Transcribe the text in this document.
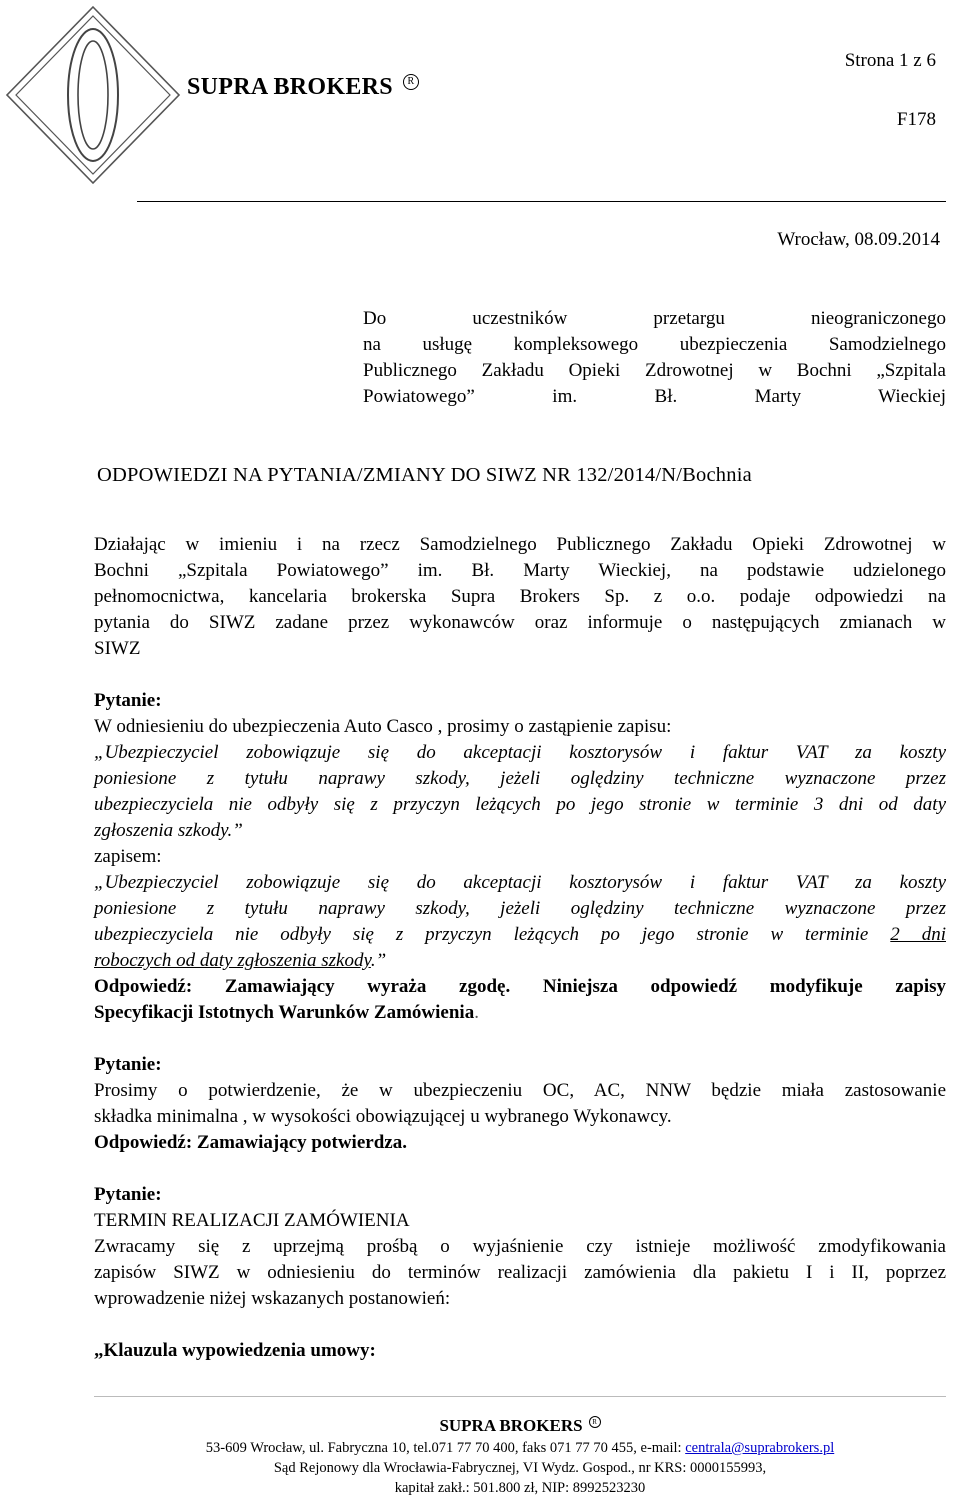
SUPRA BROKERS R
Strona 1 z 6
F178
Wrocław, 08.09.2014
Do uczestników przetargu nieograniczonego
na usługę kompleksowego ubezpieczenia Samodzielnego
Publicznego Zakładu Opieki Zdrowotnej w Bochni „Szpitala
Powiatowego” im. Bł. Marty Wieckiej
ODPOWIEDZI NA PYTANIA/ZMIANY DO SIWZ NR 132/2014/N/Bochnia
Działając w imieniu i na rzecz Samodzielnego Publicznego Zakładu Opieki Zdrowotnej w
Bochni „Szpitala Powiatowego” im. Bł. Marty Wieckiej, na podstawie udzielonego
pełnomocnictwa, kancelaria brokerska Supra Brokers Sp. z o.o. podaje odpowiedzi na
pytania do SIWZ zadane przez wykonawców oraz informuje o następujących zmianach w
SIWZ
Pytanie:
W odniesieniu do ubezpieczenia Auto Casco , prosimy o zastąpienie zapisu:
„Ubezpieczyciel zobowiązuje się do akceptacji kosztorysów i faktur VAT za koszty
poniesione z tytułu naprawy szkody, jeżeli oględziny techniczne wyznaczone przez
ubezpieczyciela nie odbyły się z przyczyn leżących po jego stronie w terminie 3 dni od daty
zgłoszenia szkody.”
zapisem:
„Ubezpieczyciel zobowiązuje się do akceptacji kosztorysów i faktur VAT za koszty
poniesione z tytułu naprawy szkody, jeżeli oględziny techniczne wyznaczone przez
ubezpieczyciela nie odbyły się z przyczyn leżących po jego stronie w terminie 2 dni
roboczych od daty zgłoszenia szkody.”
Odpowiedź: Zamawiający wyraża zgodę. Niniejsza odpowiedź modyfikuje zapisy
Specyfikacji Istotnych Warunków Zamówienia.
Pytanie:
Prosimy o potwierdzenie, że w ubezpieczeniu OC, AC, NNW będzie miała zastosowanie
składka minimalna , w wysokości obowiązującej u wybranego Wykonawcy.
Odpowiedź: Zamawiający potwierdza.
Pytanie:
TERMIN REALIZACJI ZAMÓWIENIA
Zwracamy się z uprzejmą prośbą o wyjaśnienie czy istnieje możliwość zmodyfikowania
zapisów SIWZ w odniesieniu do terminów realizacji zamówienia dla pakietu I i II, poprzez
wprowadzenie niżej wskazanych postanowień:
„Klauzula wypowiedzenia umowy:
SUPRA BROKERS R
53-609 Wrocław, ul. Fabryczna 10, tel.071 77 70 400, faks 071 77 70 455, e-mail: centrala@suprabrokers.pl
Sąd Rejonowy dla Wrocławia-Fabrycznej, VI Wydz. Gospod., nr KRS: 0000155993,
kapitał zakł.: 501.800 zł, NIP: 8992523230
